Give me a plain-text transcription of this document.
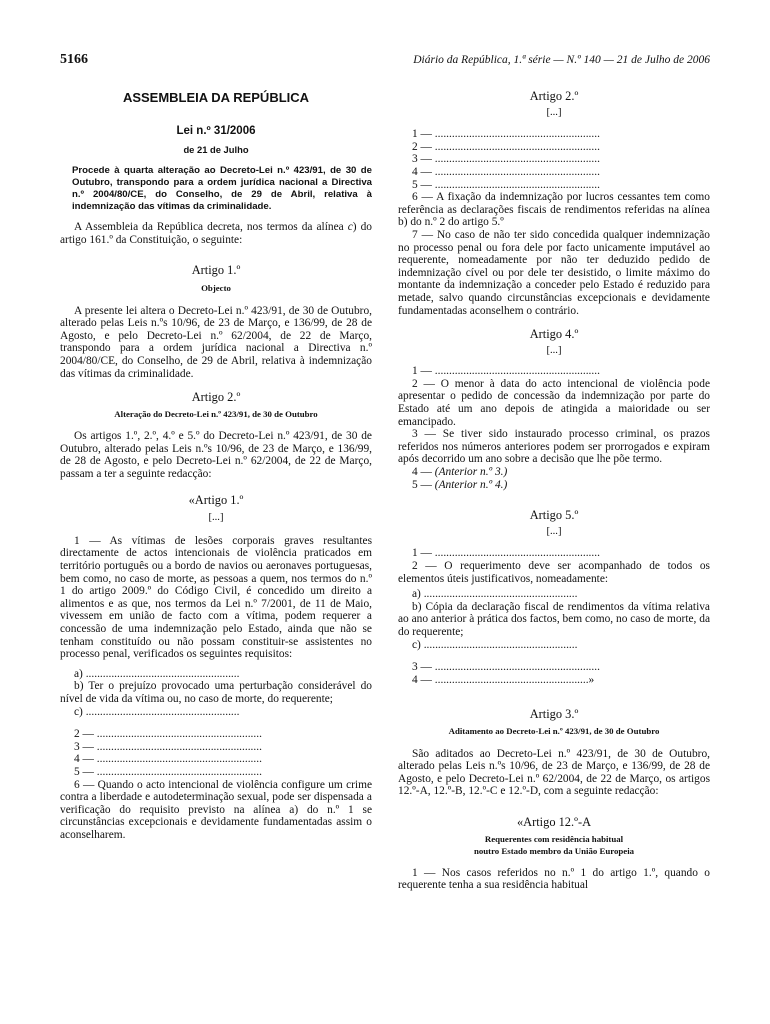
5166	Diário da República, 1.ª série — N.º 140 — 21 de Julho de 2006
ASSEMBLEIA DA REPÚBLICA
Lei n.º 31/2006
de 21 de Julho

Procede à quarta alteração ao Decreto-Lei n.º 423/91, de 30 de Outubro, transpondo para a ordem jurídica nacional a Directiva n.º 2004/80/CE, do Conselho, de 29 de Abril, relativa à indemnização das vítimas da criminalidade.

A Assembleia da República decreta, nos termos da alínea c) do artigo 161.º da Constituição, o seguinte:

Artigo 1.º
Objecto

A presente lei altera o Decreto-Lei n.º 423/91, de 30 de Outubro, alterado pelas Leis n.ºs 10/96, de 23 de Março, e 136/99, de 28 de Agosto, e pelo Decreto-Lei n.º 62/2004, de 22 de Março, transpondo para a ordem jurídica nacional a Directiva n.º 2004/80/CE, do Conselho, de 29 de Abril, relativa à indemnização das vítimas da criminalidade.

Artigo 2.º
Alteração do Decreto-Lei n.º 423/91, de 30 de Outubro

Os artigos 1.º, 2.º, 4.º e 5.º do Decreto-Lei n.º 423/91, de 30 de Outubro, alterado pelas Leis n.ºs 10/96, de 23 de Março, e 136/99, de 28 de Agosto, e pelo Decreto-Lei n.º 62/2004, de 22 de Março, passam a ter a seguinte redacção:

«Artigo 1.º
[...]

1 — As vítimas de lesões corporais graves resultantes directamente de actos intencionais de violência praticados em território português ou a bordo de navios ou aeronaves portuguesas, bem como, no caso de morte, as pessoas a quem, nos termos do n.º 1 do artigo 2009.º do Código Civil, é concedido um direito a alimentos e as que, nos termos da Lei n.º 7/2001, de 11 de Maio, vivessem em união de facto com a vítima, podem requerer a concessão de uma indemnização pelo Estado, ainda que não se tenham constituído ou não possam constituir-se assistentes no processo penal, verificados os seguintes requisitos:

a) ......................................................

b) Ter o prejuízo provocado uma perturbação considerável do nível de vida da vítima ou, no caso de morte, do requerente;

c) ......................................................

2 — ..........................................................

3 — ..........................................................

4 — ..........................................................

5 — ..........................................................

6 — Quando o acto intencional de violência configure um crime contra a liberdade e autodeterminação sexual, pode ser dispensada a verificação do requisito previsto na alínea a) do n.º 1 se circunstâncias excepcionais e devidamente fundamentadas assim o aconselharem.

Artigo 2.º
[...]

1 — ..........................................................

2 — ..........................................................

3 — ..........................................................

4 — ..........................................................

5 — ..........................................................

6 — A fixação da indemnização por lucros cessantes tem como referência as declarações fiscais de rendimentos referidas na alínea b) do n.º 2 do artigo 5.º

7 — No caso de não ter sido concedida qualquer indemnização no processo penal ou fora dele por facto unicamente imputável ao requerente, nomeadamente por não ter deduzido pedido de indemnização cível ou por dele ter desistido, o limite máximo do montante da indemnização a conceder pelo Estado é reduzido para metade, salvo quando circunstâncias excepcionais e devidamente fundamentadas aconselhem o contrário.

Artigo 4.º
[...]

1 — ..........................................................

2 — O menor à data do acto intencional de violência pode apresentar o pedido de concessão da indemnização por parte do Estado até um ano depois de atingida a maioridade ou ser emancipado.

3 — Se tiver sido instaurado processo criminal, os prazos referidos nos números anteriores podem ser prorrogados e expiram após decorrido um ano sobre a decisão que lhe põe termo.

4 — (Anterior n.º 3.)

5 — (Anterior n.º 4.)

Artigo 5.º
[...]

1 — ..........................................................

2 — O requerimento deve ser acompanhado de todos os elementos úteis justificativos, nomeadamente:

a) ......................................................

b) Cópia da declaração fiscal de rendimentos da vítima relativa ao ano anterior à prática dos factos, bem como, no caso de morte, da do requerente;

c) ......................................................

3 — ..........................................................

4 — ......................................................»

Artigo 3.º
Aditamento ao Decreto-Lei n.º 423/91, de 30 de Outubro

São aditados ao Decreto-Lei n.º 423/91, de 30 de Outubro, alterado pelas Leis n.ºs 10/96, de 23 de Março, e 136/99, de 28 de Agosto, e pelo Decreto-Lei n.º 62/2004, de 22 de Março, os artigos 12.º-A, 12.º-B, 12.º-C e 12.º-D, com a seguinte redacção:

«Artigo 12.º-A
Requerentes com residência habitual
noutro Estado membro da União Europeia

1 — Nos casos referidos no n.º 1 do artigo 1.º, quando o requerente tenha a sua residência habitual
